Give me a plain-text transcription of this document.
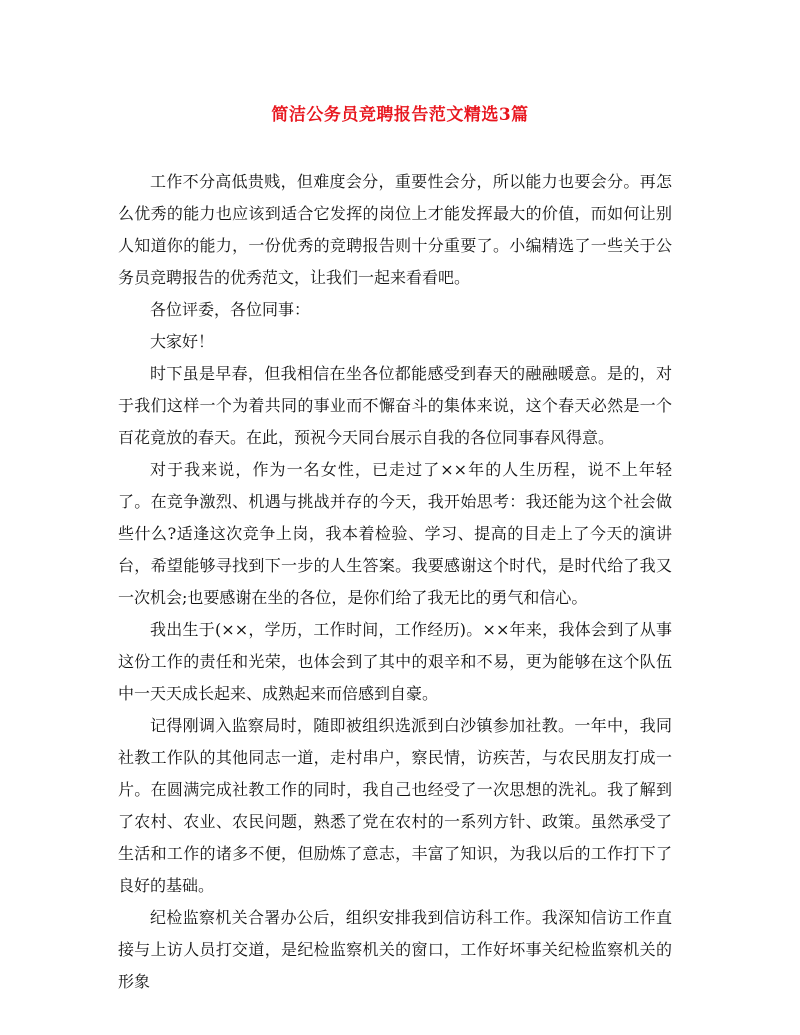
简洁公务员竞聘报告范文精选3篇

工作不分高低贵贱，但难度会分，重要性会分，所以能力也要会分。再怎么优秀的能力也应该到适合它发挥的岗位上才能发挥最大的价值，而如何让别人知道你的能力，一份优秀的竞聘报告则十分重要了。小编精选了一些关于公务员竞聘报告的优秀范文，让我们一起来看看吧。

各位评委，各位同事：

大家好！

时下虽是早春，但我相信在坐各位都能感受到春天的融融暖意。是的，对于我们这样一个为着共同的事业而不懈奋斗的集体来说，这个春天必然是一个百花竟放的春天。在此，预祝今天同台展示自我的各位同事春风得意。

对于我来说，作为一名女性，已走过了××年的人生历程，说不上年轻了。在竞争激烈、机遇与挑战并存的今天，我开始思考：我还能为这个社会做些什么?适逢这次竞争上岗，我本着检验、学习、提高的目走上了今天的演讲台，希望能够寻找到下一步的人生答案。我要感谢这个时代，是时代给了我又一次机会;也要感谢在坐的各位，是你们给了我无比的勇气和信心。

我出生于(××，学历，工作时间，工作经历)。××年来，我体会到了从事这份工作的责任和光荣，也体会到了其中的艰辛和不易，更为能够在这个队伍中一天天成长起来、成熟起来而倍感到自豪。

记得刚调入监察局时，随即被组织选派到白沙镇参加社教。一年中，我同社教工作队的其他同志一道，走村串户，察民情，访疾苦，与农民朋友打成一片。在圆满完成社教工作的同时，我自己也经受了一次思想的洗礼。我了解到了农村、农业、农民问题，熟悉了党在农村的一系列方针、政策。虽然承受了生活和工作的诸多不便，但励炼了意志，丰富了知识，为我以后的工作打下了良好的基础。

纪检监察机关合署办公后，组织安排我到信访科工作。我深知信访工作直接与上访人员打交道，是纪检监察机关的窗口，工作好坏事关纪检监察机关的形象
